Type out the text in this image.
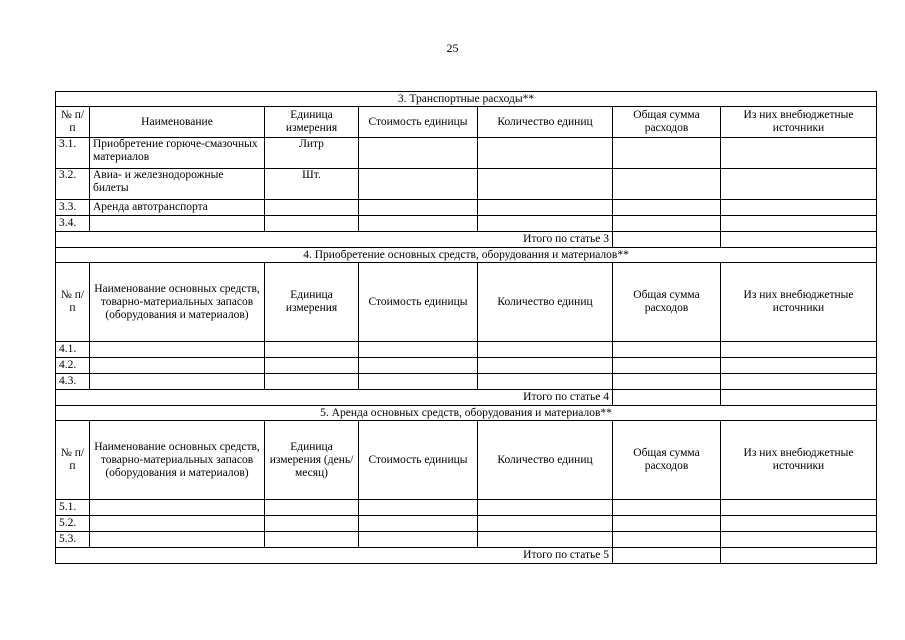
25
3. Транспортные расходы**						
№ п/п	Наименование	Единица измерения	Стоимость единицы	Количество единиц	Общая сумма расходов	Из них внебюджетные источники
3.1.	Приобретение горюче-смазочных материалов	Литр				
3.2.	Авиа- и железнодорожные билеты	Шт.				
3.3.	Аренда автотранспорта					
3.4.						
Итого по статье 3						
4. Приобретение основных средств, оборудования и материалов**						
№ п/п	Наименование основных средств, товарно-материальных запасов (оборудования и материалов)	Единица измерения	Стоимость единицы	Количество единиц	Общая сумма расходов	Из них внебюджетные источники
4.1.						
4.2.						
4.3.						
Итого по статье 4						
5. Аренда основных средств, оборудования и материалов**						
№ п/п	Наименование основных средств, товарно-материальных запасов (оборудования и материалов)	Единица измерения (день/месяц)	Стоимость единицы	Количество единиц	Общая сумма расходов	Из них внебюджетные источники
5.1.						
5.2.						
5.3.						
Итого по статье 5						
